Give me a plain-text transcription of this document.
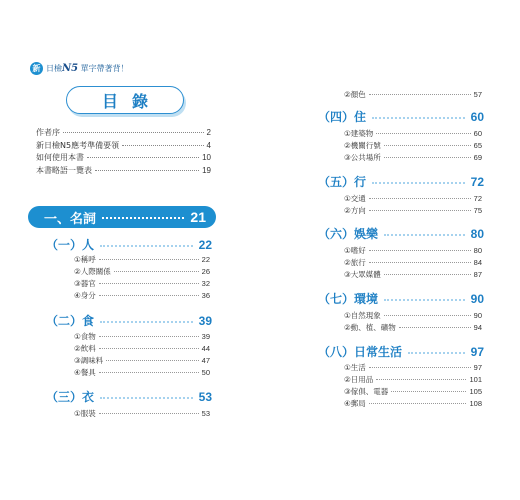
新 日檢N5 單字帶著背！
目錄
作者序	2
新日檢N5應考準備要領	4
如何使用本書	10
本書略語一覽表	19
一、名詞	21
（一）人	22
①稱呼	22
②人際關係	26
③器官	32
④身分	36
（二）食	39
①食物	39
②飲料	44
③調味料	47
④餐具	50
（三）衣	53
①服裝	53
②顏色	57
（四）住	60
①建築物	60
②機關行號	65
③公共場所	69
（五）行	72
①交通	72
②方向	75
（六）娛樂	80
①嗜好	80
②旅行	84
③大眾媒體	87
（七）環境	90
①自然現象	90
②動、植、礦物	94
（八）日常生活	97
①生活	97
②日用品	101
③傢俱、電器	105
④郵局	108
